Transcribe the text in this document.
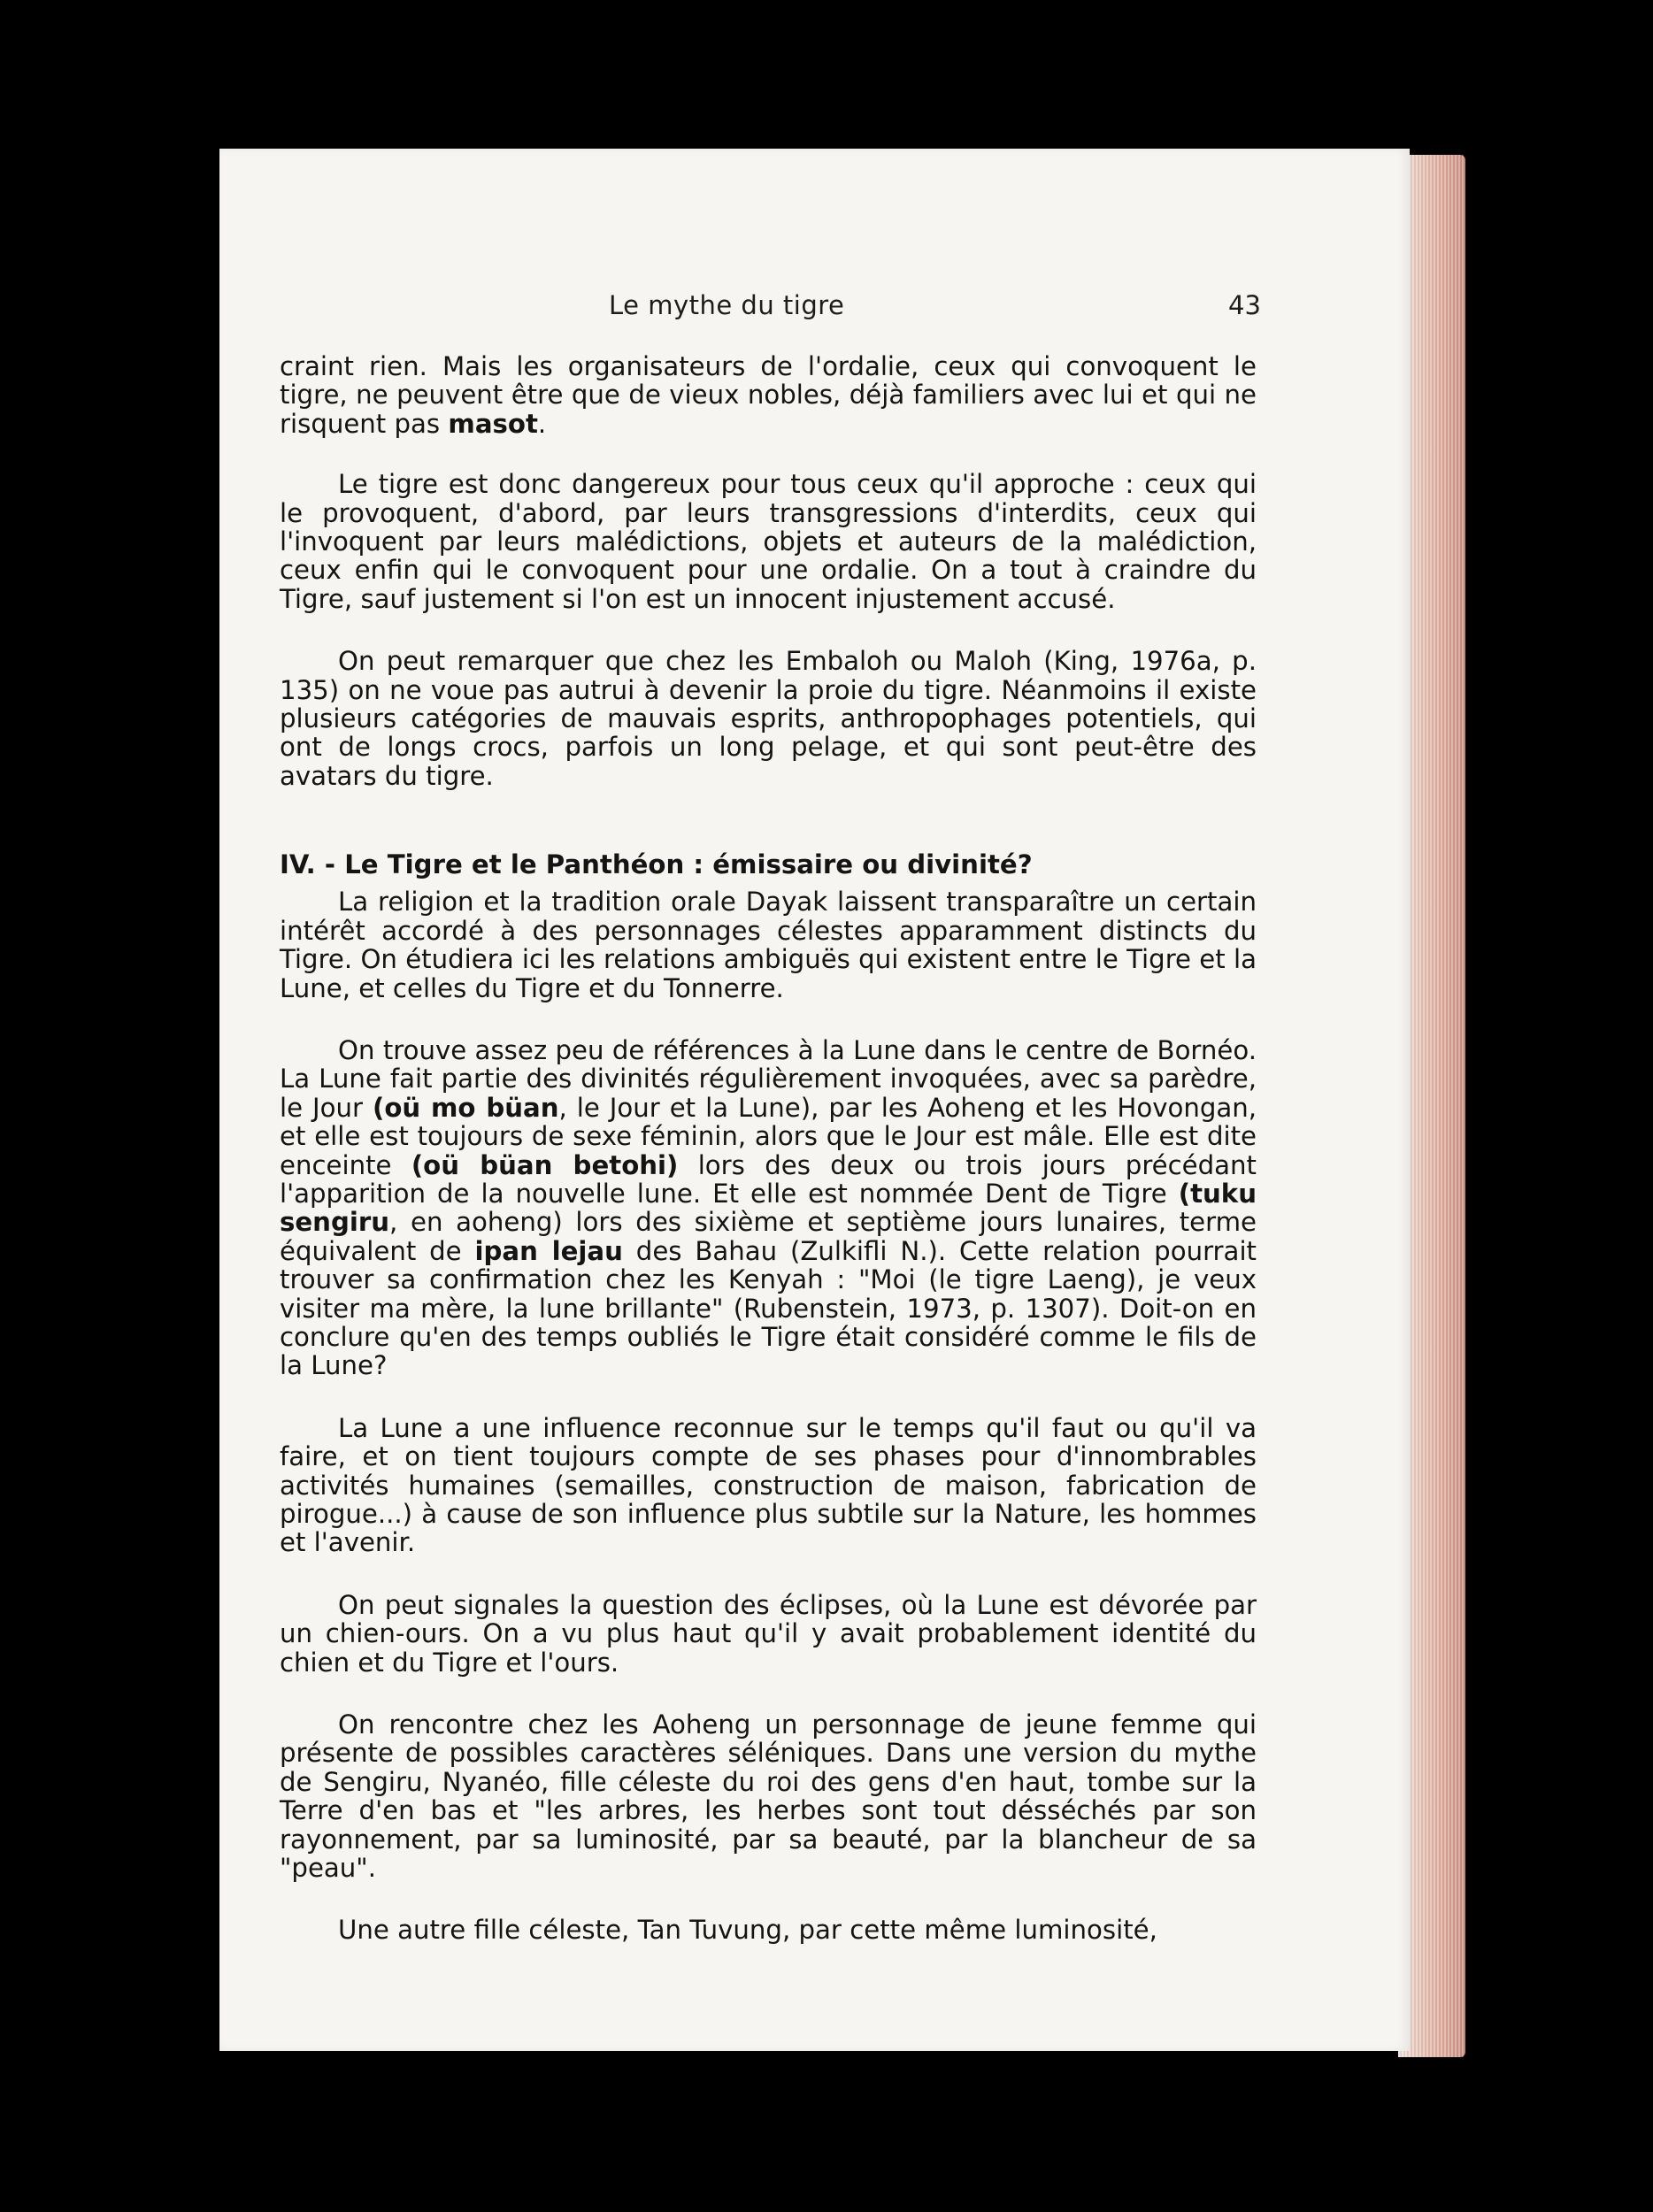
Le mythe du tigre	43

craint rien. Mais les organisateurs de l'ordalie, ceux qui convoquent le tigre, ne peuvent être que de vieux nobles, déjà familiers avec lui et qui ne risquent pas masot.

Le tigre est donc dangereux pour tous ceux qu'il approche : ceux qui le provoquent, d'abord, par leurs transgressions d'interdits, ceux qui l'invoquent par leurs malédictions, objets et auteurs de la malédiction, ceux enfin qui le convoquent pour une ordalie. On a tout à craindre du Tigre, sauf justement si l'on est un innocent injustement accusé.

On peut remarquer que chez les Embaloh ou Maloh (King, 1976a, p. 135) on ne voue pas autrui à devenir la proie du tigre. Néanmoins il existe plusieurs catégories de mauvais esprits, anthropophages potentiels, qui ont de longs crocs, parfois un long pelage, et qui sont peut-être des avatars du tigre.

IV. - Le Tigre et le Panthéon : émissaire ou divinité?

La religion et la tradition orale Dayak laissent transparaître un certain intérêt accordé à des personnages célestes apparamment distincts du Tigre. On étudiera ici les relations ambiguës qui existent entre le Tigre et la Lune, et celles du Tigre et du Tonnerre.

On trouve assez peu de références à la Lune dans le centre de Bornéo. La Lune fait partie des divinités régulièrement invoquées, avec sa parèdre, le Jour (oü mo büan, le Jour et la Lune), par les Aoheng et les Hovongan, et elle est toujours de sexe féminin, alors que le Jour est mâle. Elle est dite enceinte (oü büan betohi) lors des deux ou trois jours précédant l'apparition de la nouvelle lune. Et elle est nommée Dent de Tigre (tuku sengiru, en aoheng) lors des sixième et septième jours lunaires, terme équivalent de ipan lejau des Bahau (Zulkifli N.). Cette relation pourrait trouver sa confirmation chez les Kenyah : "Moi (le tigre Laeng), je veux visiter ma mère, la lune brillante" (Rubenstein, 1973, p. 1307). Doit-on en conclure qu'en des temps oubliés le Tigre était considéré comme le fils de la Lune?

La Lune a une influence reconnue sur le temps qu'il faut ou qu'il va faire, et on tient toujours compte de ses phases pour d'innombrables activités humaines (semailles, construction de maison, fabrication de pirogue...) à cause de son influence plus subtile sur la Nature, les hommes et l'avenir.

On peut signales la question des éclipses, où la Lune est dévorée par un chien-ours. On a vu plus haut qu'il y avait probablement identité du chien et du Tigre et l'ours.

On rencontre chez les Aoheng un personnage de jeune femme qui présente de possibles caractères séléniques. Dans une version du mythe de Sengiru, Nyanéo, fille céleste du roi des gens d'en haut, tombe sur la Terre d'en bas et "les arbres, les herbes sont tout désséchés par son rayonnement, par sa luminosité, par sa beauté, par la blancheur de sa "peau".

Une autre fille céleste, Tan Tuvung, par cette même luminosité,
